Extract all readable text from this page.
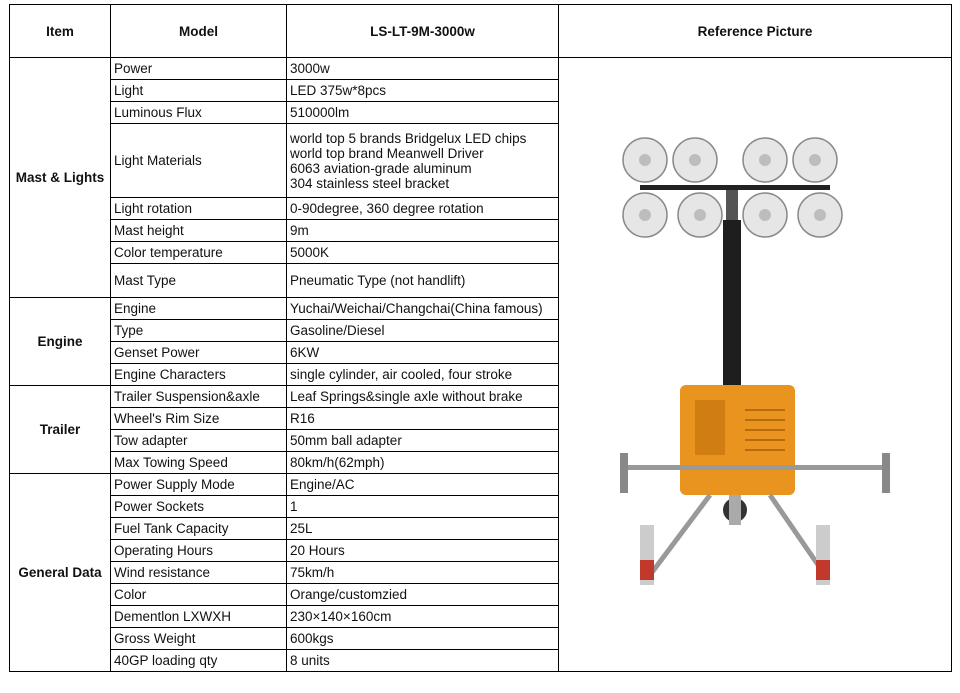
Item	Model	LS-LT-9M-3000w	Reference Picture
Mast & Lights	Power	3000w	

	Light	LED 375w*8pcs	
	Luminous Flux	510000lm	
	Light Materials	world top 5 brands Bridgelux LED chips
world top brand Meanwell Driver
6063 aviation-grade aluminum
304 stainless steel bracket	

	Light rotation	0-90degree, 360 degree rotation	
	Mast height	9m	
	Color temperature	5000K	
	Mast Type	Pneumatic Type (not handlift)	
Engine	Engine	Yuchai/Weichai/Changchai(China famous)	
	Type	Gasoline/Diesel	
	Genset Power	6KW	
	Engine Characters	single cylinder, air cooled, four stroke	
Trailer	Trailer Suspension&axle	Leaf Springs&single axle without brake	
	Wheel's Rim Size	R16	
	Tow adapter	50mm ball adapter	
	Max Towing Speed	80km/h(62mph)	
General Data	Power Supply Mode	Engine/AC	
	Power Sockets	1	
	Fuel Tank Capacity	25L	
	Operating Hours	20 Hours	
	Wind resistance	75km/h	
	Color	Orange/customzied	
	Dementlon LXWXH	230×140×160cm	
	Gross Weight	600kgs	
	40GP loading qty	8 units	
